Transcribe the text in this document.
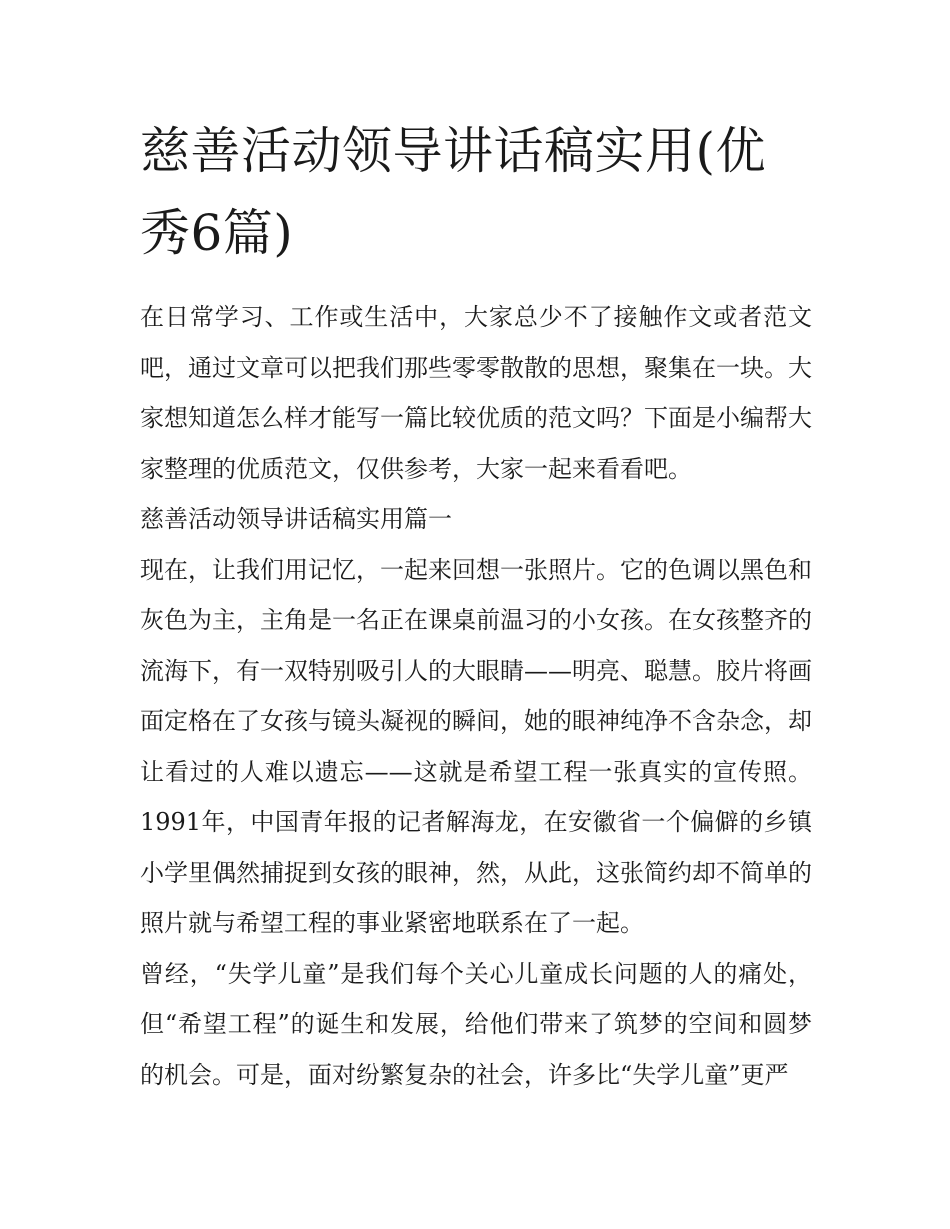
慈善活动领导讲话稿实用(优秀6篇)

在日常学习、工作或生活中，大家总少不了接触作文或者范文吧，通过文章可以把我们那些零零散散的思想，聚集在一块。大家想知道怎么样才能写一篇比较优质的范文吗？下面是小编帮大家整理的优质范文，仅供参考，大家一起来看看吧。

慈善活动领导讲话稿实用篇一

现在，让我们用记忆，一起来回想一张照片。它的色调以黑色和灰色为主，主角是一名正在课桌前温习的小女孩。在女孩整齐的流海下，有一双特别吸引人的大眼睛——明亮、聪慧。胶片将画面定格在了女孩与镜头凝视的瞬间，她的眼神纯净不含杂念，却让看过的人难以遗忘——这就是希望工程一张真实的宣传照。1991年，中国青年报的记者解海龙，在安徽省一个偏僻的乡镇小学里偶然捕捉到女孩的眼神，然，从此，这张简约却不简单的照片就与希望工程的事业紧密地联系在了一起。

曾经，“失学儿童”是我们每个关心儿童成长问题的人的痛处，但“希望工程”的诞生和发展，给他们带来了筑梦的空间和圆梦的机会。可是，面对纷繁复杂的社会，许多比“失学儿童”更严
